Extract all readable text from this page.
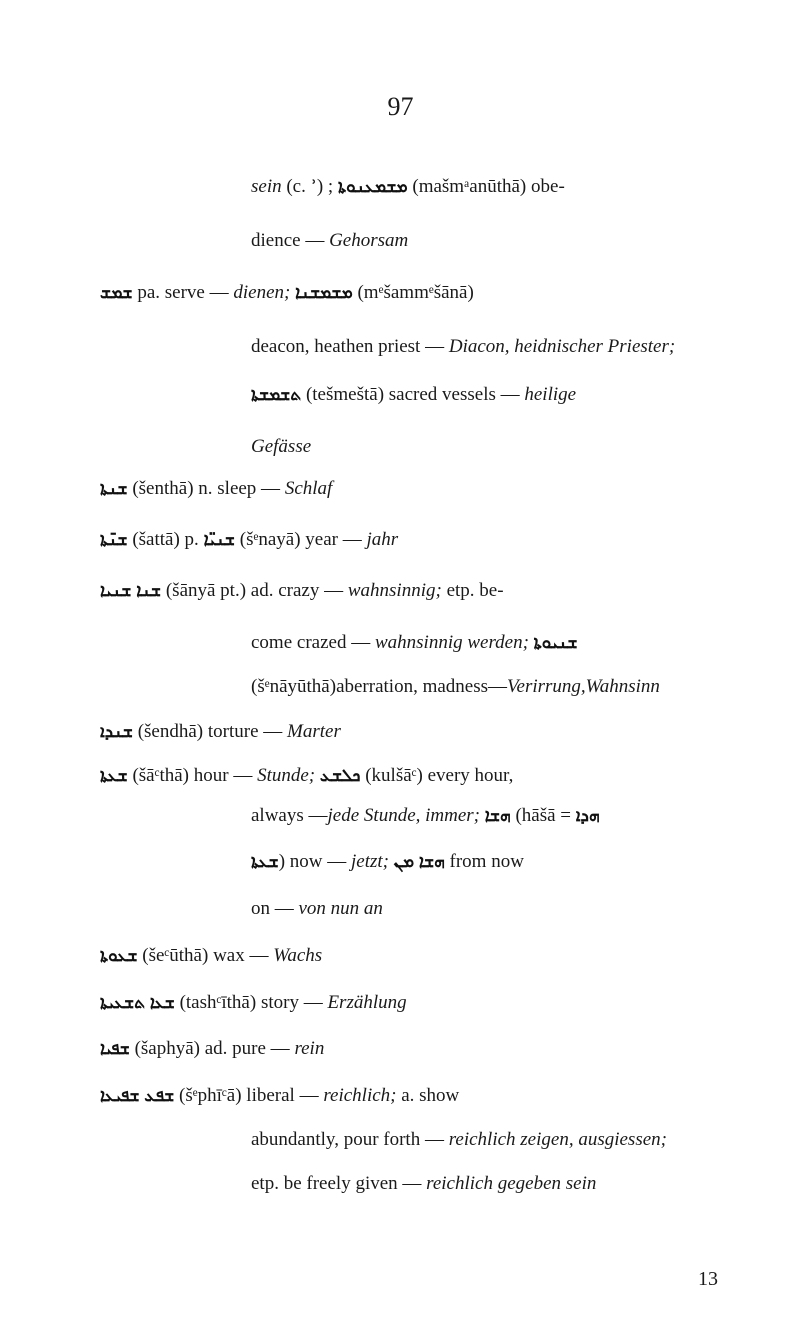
97
sein (c. ʾ) ; ܡܫܡܥܢܘܬܐ (mašmᵃanūthā) obe-
dience — Gehorsam
ܫܡܫ pa. serve — dienen; ܡܫܡܫܢܐ (mᵉšammᵉšānā)
deacon, heathen priest — Diacon, heidnischer Priester;
ܬܫܡܫܬܐ (tešmeštā) sacred vessels — heilige
Gefässe
ܫܢܬܐ (šenthā) n. sleep — Schlaf
ܫܢ̄ܬܐ (šattā) p. ܫܢܝ̈ܐ (šᵉnayā) year — jahr
ܫܢܐ ܫܢܝܐ (šānyā pt.) ad. crazy — wahnsinnig; etp. be-
come crazed — wahnsinnig werden; ܫܢܝܘܬܐ
(šᵉnāyūthā)aberration, madness—Verirrung,Wahnsinn
ܫܢܕܐ (šendhā) torture — Marter
ܫܥܬܐ (šāᶜthā) hour — Stunde; ܟܠܫܥ (kulšāᶜ) every hour,
always —jede Stunde, immer; ܗܫܐ (hāšā = ܗܕܐ
ܫܥܬܐ) now — jetzt; ܗܫܐ ܡܢ from now
on — von nun an
ܫܥܘܬܐ (šeᶜūthā) wax — Wachs
ܫܥܐ ܬܫܥܝܬܐ (tashᶜīthā) story — Erzählung
ܫܦܝܐ (šaphyā) ad. pure — rein
ܫܦܥ ܫܦܝܥܐ (šᵉphīᶜā) liberal — reichlich; a. show
abundantly, pour forth — reichlich zeigen, ausgiessen;
etp. be freely given — reichlich gegeben sein
13
